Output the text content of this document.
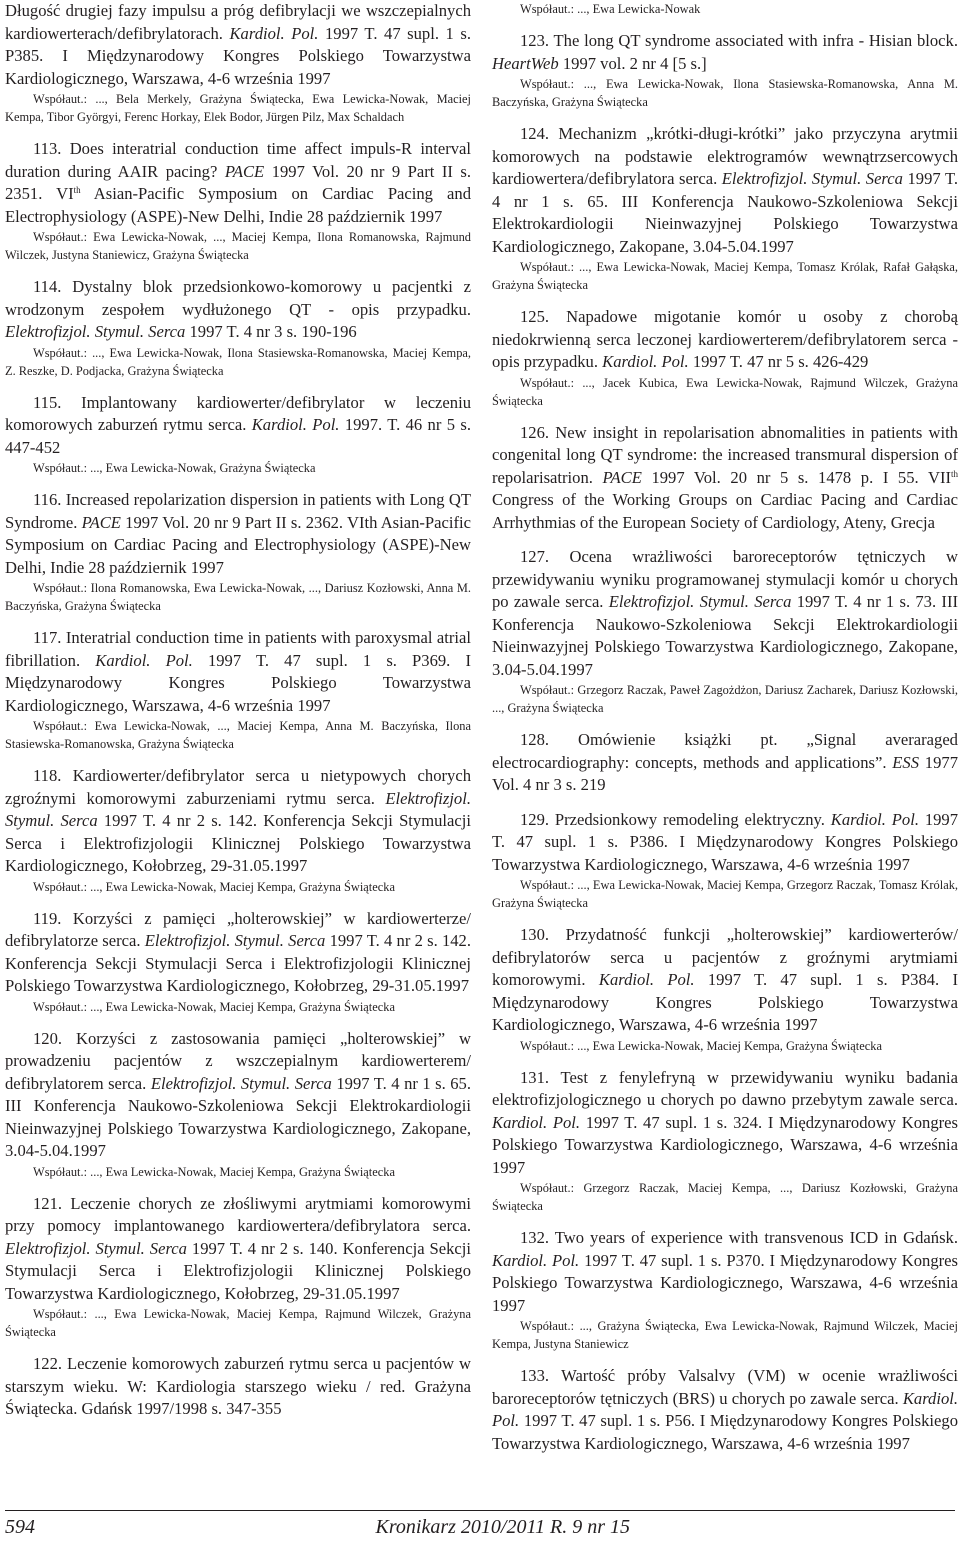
Długość drugiej fazy impulsu a próg defibrylacji we wszczepialnych kardiowerterach/defibrylatorach. Kardiol. Pol. 1997 T. 47 supl. 1 s. P385. I Międzynarodowy Kongres Polskiego Towarzystwa Kardiologicznego, Warszawa, 4-6 września 1997

Współaut.: ..., Bela Merkely, Grażyna Świątecka, Ewa Lewicka-Nowak, Maciej Kempa, Tibor Györgyi, Ferenc Horkay, Elek Bodor, Jürgen Pilz, Max Schaldach

113. Does interatrial conduction time affect impuls-R interval duration during AAIR pacing? PACE 1997 Vol. 20 nr 9 Part II s. 2351. VIth Asian-Pacific Symposium on Cardiac Pacing and Electrophysiology (ASPE)-New Delhi, Indie 28 październik 1997

Współaut.: Ewa Lewicka-Nowak, ..., Maciej Kempa, Ilona Romanowska, Rajmund Wilczek, Justyna Staniewicz, Grażyna Świątecka

114. Dystalny blok przedsionkowo-komorowy u pacjentki z wrodzonym zespołem wydłużonego QT - opis przypadku. Elektrofizjol. Stymul. Serca 1997 T. 4 nr 3 s. 190-196

Współaut.: ..., Ewa Lewicka-Nowak, Ilona Stasiewska-Romanowska, Maciej Kempa, Z. Reszke, D. Podjacka, Grażyna Świątecka

115. Implantowany kardiowerter/defibrylator w leczeniu komorowych zaburzeń rytmu serca. Kardiol. Pol. 1997. T. 46 nr 5 s. 447-452

Współaut.: ..., Ewa Lewicka-Nowak, Grażyna Świątecka

116. Increased repolarization dispersion in patients with Long QT Syndrome. PACE 1997 Vol. 20 nr 9 Part II s. 2362. VIth Asian-Pacific Symposium on Cardiac Pacing and Electrophysiology (ASPE)-New Delhi, Indie 28 październik 1997

Współaut.: Ilona Romanowska, Ewa Lewicka-Nowak, ..., Dariusz Kozłowski, Anna M. Baczyńska, Grażyna Świątecka

117. Interatrial conduction time in patients with paroxysmal atrial fibrillation. Kardiol. Pol. 1997 T. 47 supl. 1 s. P369. I Międzynarodowy Kongres Polskiego Towarzystwa Kardiologicznego, Warszawa, 4-6 września 1997

Współaut.: Ewa Lewicka-Nowak, ..., Maciej Kempa, Anna M. Baczyńska, Ilona Stasiewska-Romanowska, Grażyna Świątecka

118. Kardiowerter/defibrylator serca u nietypowych chorych zgroźnymi komorowymi zaburzeniami rytmu serca. Elektrofizjol. Stymul. Serca 1997 T. 4 nr 2 s. 142. Konferencja Sekcji Stymulacji Serca i Elektrofizjologii Klinicznej Polskiego Towarzystwa Kardiologicznego, Kołobrzeg, 29-31.05.1997

Współaut.: ..., Ewa Lewicka-Nowak, Maciej Kempa, Grażyna Świątecka

119. Korzyści z pamięci „holterowskiej” w kardiowerterze/ defibrylatorze serca. Elektrofizjol. Stymul. Serca 1997 T. 4 nr 2 s. 142. Konferencja Sekcji Stymulacji Serca i Elektrofizjologii Klinicznej Polskiego Towarzystwa Kardiologicznego, Kołobrzeg, 29-31.05.1997

Współaut.: ..., Ewa Lewicka-Nowak, Maciej Kempa, Grażyna Świątecka

120. Korzyści z zastosowania pamięci „holterowskiej” w prowadzeniu pacjentów z wszczepialnym kardiowerterem/ defibrylatorem serca. Elektrofizjol. Stymul. Serca 1997 T. 4 nr 1 s. 65. III Konferencja Naukowo-Szkoleniowa Sekcji Elektrokardiologii Nieinwazyjnej Polskiego Towarzystwa Kardiologicznego, Zakopane, 3.04-5.04.1997

Współaut.: ..., Ewa Lewicka-Nowak, Maciej Kempa, Grażyna Świątecka

121. Leczenie chorych ze złośliwymi arytmiami komorowymi przy pomocy implantowanego kardiowertera/defibrylatora serca. Elektrofizjol. Stymul. Serca 1997 T. 4 nr 2 s. 140. Konferencja Sekcji Stymulacji Serca i Elektrofizjologii Klinicznej Polskiego Towarzystwa Kardiologicznego, Kołobrzeg, 29-31.05.1997

Współaut.: ..., Ewa Lewicka-Nowak, Maciej Kempa, Rajmund Wilczek, Grażyna Świątecka

122. Leczenie komorowych zaburzeń rytmu serca u pacjentów w starszym wieku. W: Kardiologia starszego wieku / red. Grażyna Świątecka. Gdańsk 1997/1998 s. 347-355

Współaut.: ..., Ewa Lewicka-Nowak

123. The long QT syndrome associated with infra - Hisian block. HeartWeb 1997 vol. 2 nr 4 [5 s.]

Współaut.: ..., Ewa Lewicka-Nowak, Ilona Stasiewska-Romanowska, Anna M. Baczyńska, Grażyna Świątecka

124. Mechanizm „krótki-długi-krótki” jako przyczyna arytmii komorowych na podstawie elektrogramów wewnątrzsercowych kardiowertera/defibrylatora serca. Elektrofizjol. Stymul. Serca 1997 T. 4 nr 1 s. 65. III Konferencja Naukowo-Szkoleniowa Sekcji Elektrokardiologii Nieinwazyjnej Polskiego Towarzystwa Kardiologicznego, Zakopane, 3.04-5.04.1997

Współaut.: ..., Ewa Lewicka-Nowak, Maciej Kempa, Tomasz Królak, Rafał Gałąska, Grażyna Świątecka

125. Napadowe migotanie komór u osoby z chorobą niedokrwienną serca leczonej kardiowerterem/defibrylatorem serca - opis przypadku. Kardiol. Pol. 1997 T. 47 nr 5 s. 426-429

Współaut.: ..., Jacek Kubica, Ewa Lewicka-Nowak, Rajmund Wilczek, Grażyna Świątecka

126. New insight in repolarisation abnomalities in patients with congenital long QT syndrome: the increased transmural dispersion of repolarisatrion. PACE 1997 Vol. 20 nr 5 s. 1478 p. I 55. VIIth Congress of the Working Groups on Cardiac Pacing and Cardiac Arrhythmias of the European Society of Cardiology, Ateny, Grecja

127. Ocena wrażliwości baroreceptorów tętniczych w przewidywaniu wyniku programowanej stymulacji komór u chorych po zawale serca. Elektrofizjol. Stymul. Serca 1997 T. 4 nr 1 s. 73. III Konferencja Naukowo-Szkoleniowa Sekcji Elektrokardiologii Nieinwazyjnej Polskiego Towarzystwa Kardiologicznego, Zakopane, 3.04-5.04.1997

Współaut.: Grzegorz Raczak, Paweł Zagożdżon, Dariusz Zacharek, Dariusz Kozłowski, ..., Grażyna Świątecka

128. Omówienie książki pt. „Signal averaraged electrocardiography: concepts, methods and applications”. ESS 1977 Vol. 4 nr 3 s. 219

129. Przedsionkowy remodeling elektryczny. Kardiol. Pol. 1997 T. 47 supl. 1 s. P386. I Międzynarodowy Kongres Polskiego Towarzystwa Kardiologicznego, Warszawa, 4-6 września 1997

Współaut.: ..., Ewa Lewicka-Nowak, Maciej Kempa, Grzegorz Raczak, Tomasz Królak, Grażyna Świątecka

130. Przydatność funkcji „holterowskiej” kardiowerterów/ defibrylatorów serca u pacjentów z groźnymi arytmiami komorowymi. Kardiol. Pol. 1997 T. 47 supl. 1 s. P384. I Międzynarodowy Kongres Polskiego Towarzystwa Kardiologicznego, Warszawa, 4-6 września 1997

Współaut.: ..., Ewa Lewicka-Nowak, Maciej Kempa, Grażyna Świątecka

131. Test z fenylefryną w przewidywaniu wyniku badania elektrofizjologicznego u chorych po dawno przebytym zawale serca. Kardiol. Pol. 1997 T. 47 supl. 1 s. 324. I Międzynarodowy Kongres Polskiego Towarzystwa Kardiologicznego, Warszawa, 4-6 września 1997

Współaut.: Grzegorz Raczak, Maciej Kempa, ..., Dariusz Kozłowski, Grażyna Świątecka

132. Two years of experience with transvenous ICD in Gdańsk. Kardiol. Pol. 1997 T. 47 supl. 1 s. P370. I Międzynarodowy Kongres Polskiego Towarzystwa Kardiologicznego, Warszawa, 4-6 września 1997

Współaut.: ..., Grażyna Świątecka, Ewa Lewicka-Nowak, Rajmund Wilczek, Maciej Kempa, Justyna Staniewicz

133. Wartość próby Valsalvy (VM) w ocenie wrażliwości baroreceptorów tętniczych (BRS) u chorych po zawale serca. Kardiol. Pol. 1997 T. 47 supl. 1 s. P56. I Międzynarodowy Kongres Polskiego Towarzystwa Kardiologicznego, Warszawa, 4-6 września 1997

594	Kronikarz 2010/2011 R. 9 nr 15
